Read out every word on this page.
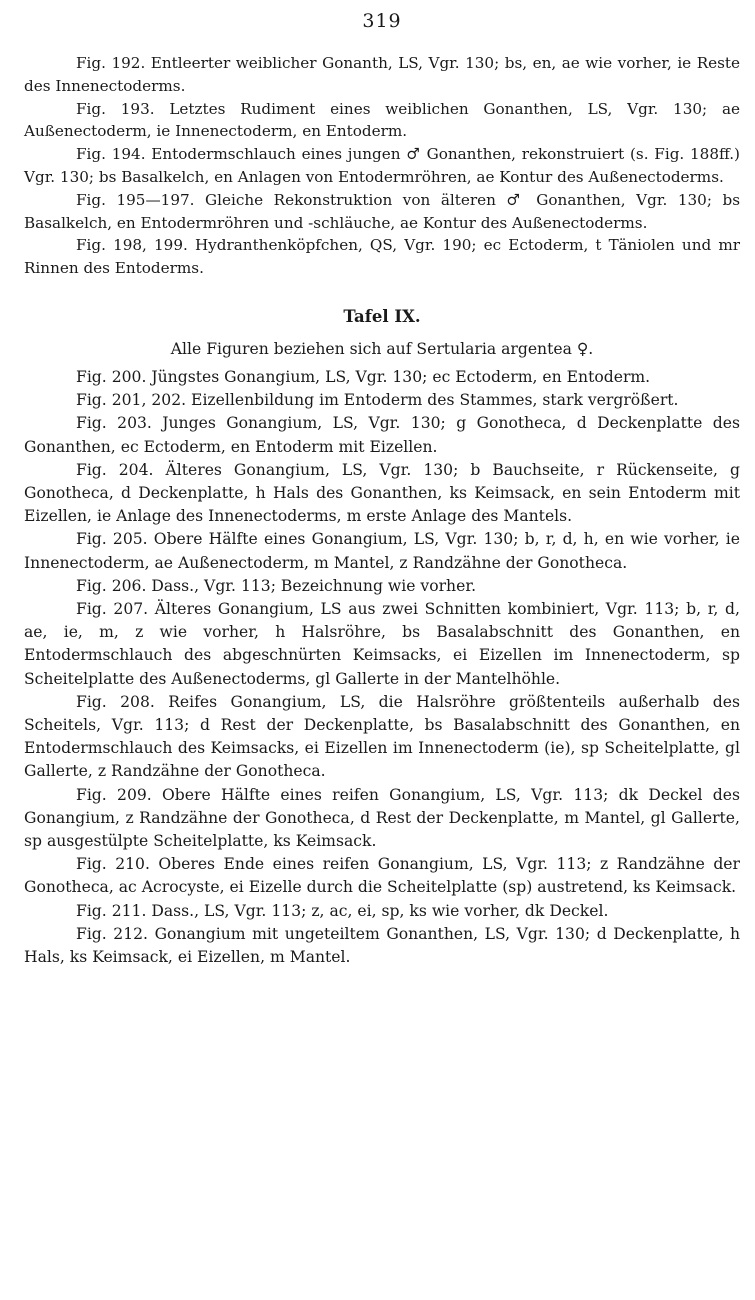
319

Fig. 192. Entleerter weiblicher Gonanth, LS, Vgr. 130; bs, en, ae wie vorher, ie Reste des Innenectoderms.

Fig. 193. Letztes Rudiment eines weiblichen Gonanthen, LS, Vgr. 130; ae Außenectoderm, ie Innenectoderm, en Entoderm.

Fig. 194. Entodermschlauch eines jungen ♂ Gonanthen, rekonstruiert (s. Fig. 188ff.) Vgr. 130; bs Basalkelch, en Anlagen von Entodermröhren, ae Kontur des Außenectoderms.

Fig. 195—197. Gleiche Rekonstruktion von älteren ♂ Gonanthen, Vgr. 130; bs Basalkelch, en Entodermröhren und -schläuche, ae Kontur des Außenectoderms.

Fig. 198, 199. Hydranthenköpfchen, QS, Vgr. 190; ec Ectoderm, t Täniolen und mr Rinnen des Entoderms.

Tafel IX.
Alle Figuren beziehen sich auf Sertularia argentea ♀.

Fig. 200. Jüngstes Gonangium, LS, Vgr. 130; ec Ectoderm, en Entoderm.

Fig. 201, 202. Eizellenbildung im Entoderm des Stammes, stark vergrößert.

Fig. 203. Junges Gonangium, LS, Vgr. 130; g Gonotheca, d Deckenplatte des Gonanthen, ec Ectoderm, en Entoderm mit Eizellen.

Fig. 204. Älteres Gonangium, LS, Vgr. 130; b Bauchseite, r Rückenseite, g Gonotheca, d Deckenplatte, h Hals des Gonanthen, ks Keimsack, en sein Entoderm mit Eizellen, ie Anlage des Innenectoderms, m erste Anlage des Mantels.

Fig. 205. Obere Hälfte eines Gonangium, LS, Vgr. 130; b, r, d, h, en wie vorher, ie Innenectoderm, ae Außenectoderm, m Mantel, z Randzähne der Gonotheca.

Fig. 206. Dass., Vgr. 113; Bezeichnung wie vorher.

Fig. 207. Älteres Gonangium, LS aus zwei Schnitten kombiniert, Vgr. 113; b, r, d, ae, ie, m, z wie vorher, h Halsröhre, bs Basalabschnitt des Gonanthen, en Entodermschlauch des abgeschnürten Keimsacks, ei Eizellen im Innenectoderm, sp Scheitelplatte des Außenectoderms, gl Gallerte in der Mantelhöhle.

Fig. 208. Reifes Gonangium, LS, die Halsröhre größtenteils außerhalb des Scheitels, Vgr. 113; d Rest der Deckenplatte, bs Basalabschnitt des Gonanthen, en Entodermschlauch des Keimsacks, ei Eizellen im Innenectoderm (ie), sp Scheitelplatte, gl Gallerte, z Randzähne der Gonotheca.

Fig. 209. Obere Hälfte eines reifen Gonangium, LS, Vgr. 113; dk Deckel des Gonangium, z Randzähne der Gonotheca, d Rest der Deckenplatte, m Mantel, gl Gallerte, sp ausgestülpte Scheitelplatte, ks Keimsack.

Fig. 210. Oberes Ende eines reifen Gonangium, LS, Vgr. 113; z Randzähne der Gonotheca, ac Acrocyste, ei Eizelle durch die Scheitelplatte (sp) austretend, ks Keimsack.

Fig. 211. Dass., LS, Vgr. 113; z, ac, ei, sp, ks wie vorher, dk Deckel.

Fig. 212. Gonangium mit ungeteiltem Gonanthen, LS, Vgr. 130; d Deckenplatte, h Hals, ks Keimsack, ei Eizellen, m Mantel.
